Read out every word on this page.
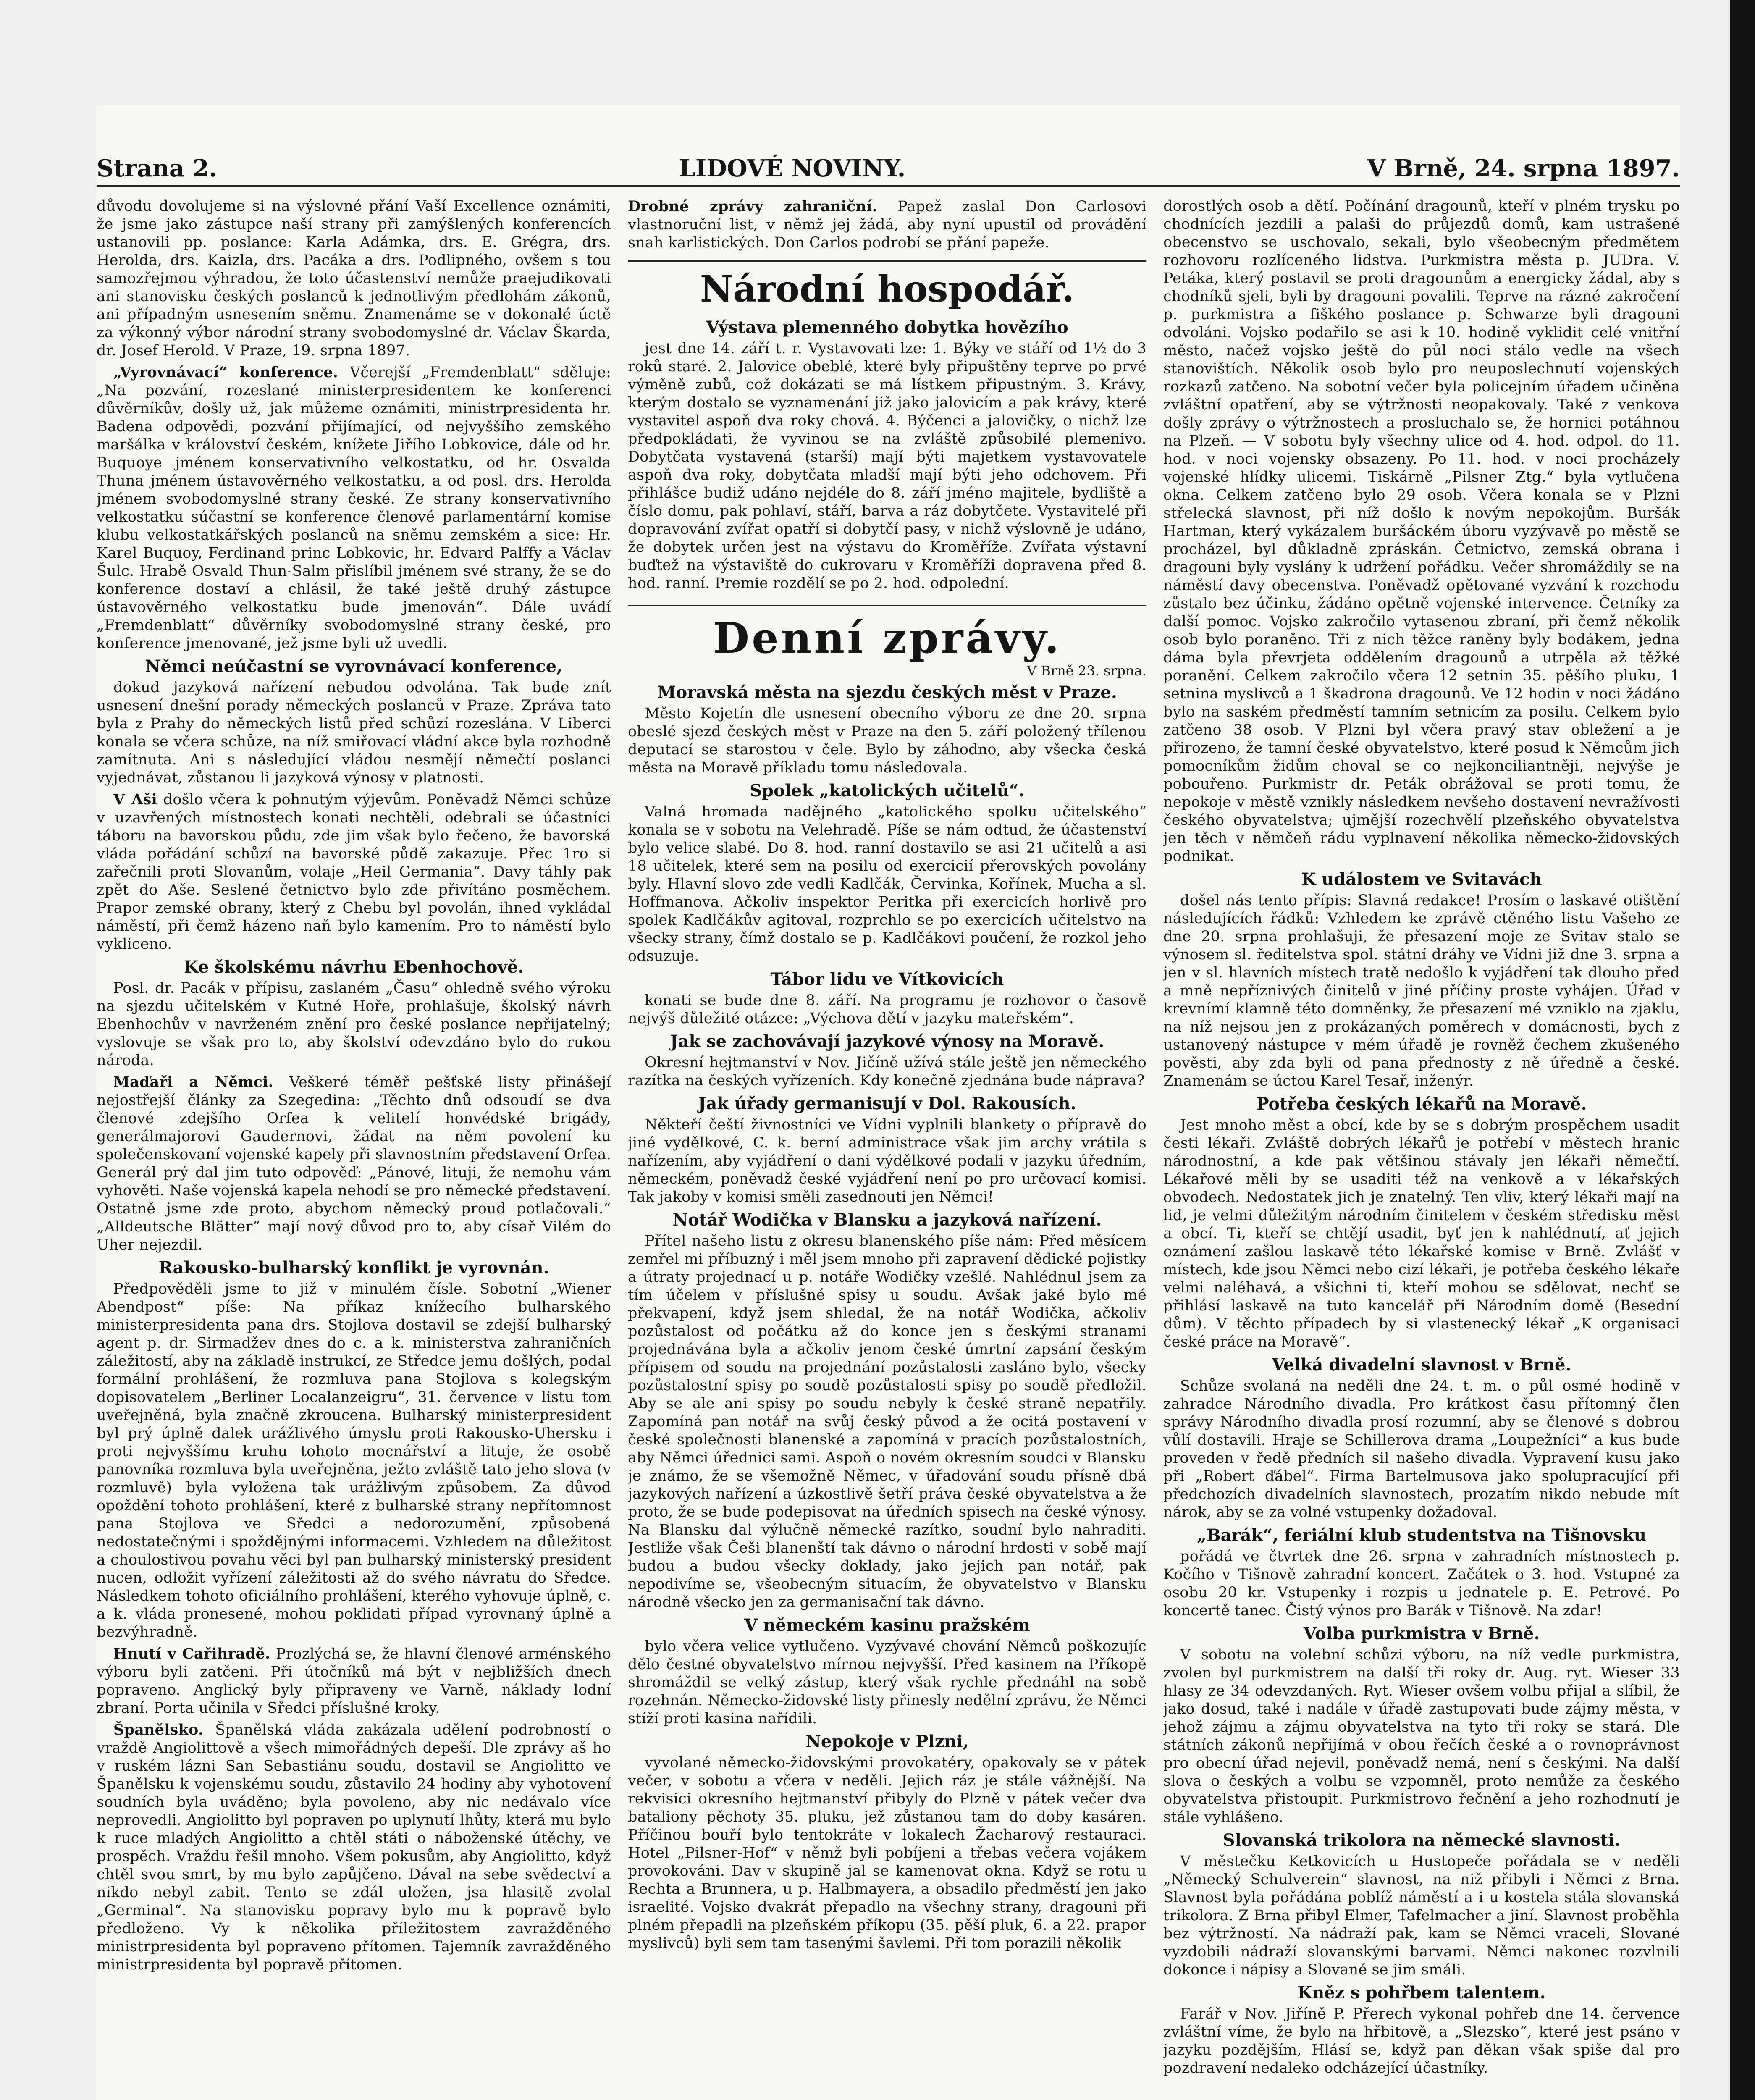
Strana 2.	LIDOVÉ NOVINY.	V Brně, 24. srpna 1897.

důvodu dovolujeme si na výslovné přání Vaší Excellence oznámiti, že jsme jako zástupce naší strany při zamýšlených konferencích ustanovili pp. poslance: Karla Adámka, drs. E. Grégra, drs. Herolda, drs. Kaizla, drs. Pacáka a drs. Podlipného, ovšem s tou samozřejmou výhradou, že toto účastenství nemůže praejudikovati ani stanovisku českých poslanců k jednotlivým předlohám zákonů, ani případným usnesením sněmu. Znamenáme se v dokonalé úctě za výkonný výbor národní strany svobodomyslné dr. Václav Škarda, dr. Josef Herold. V Praze, 19. srpna 1897.

„Vyrovnávací“ konference. Včerejší „Fremdenblatt“ sděluje: „Na pozvání, rozeslané ministerpresidentem ke konferenci důvěrníkův, došly už, jak můžeme oznámiti, ministrpresidenta hr. Badena odpovědi, pozvání přijímající, od nejvyššího zemského maršálka v království českém, knížete Jiřího Lobkovice, dále od hr. Buquoye jménem konservativního velkostatku, od hr. Osvalda Thuna jménem ústavověrného velkostatku, a od posl. drs. Herolda jménem svobodomyslné strany české. Ze strany konservativního velkostatku súčastní se konference členové parlamentární komise klubu velkostatkářských poslanců na sněmu zemském a sice: Hr. Karel Buquoy, Ferdinand princ Lobkovic, hr. Edvard Palffy a Václav Šulc. Hrabě Osvald Thun-Salm přislíbil jménem své strany, že se do konference dostaví a chlásil, že také ještě druhý zástupce ústavověrného velkostatku bude jmenován“. Dále uvádí „Fremdenblatt“ důvěrníky svobodomyslné strany české, pro konference jmenované, jež jsme byli už uvedli.

Němci neúčastní se vyrovnávací konference,

dokud jazyková nařízení nebudou odvolána. Tak bude znít usnesení dnešní porady německých poslanců v Praze. Zpráva tato byla z Prahy do německých listů před schůzí rozeslána. V Liberci konala se včera schůze, na níž smiřovací vládní akce byla rozhodně zamítnuta. Ani s následující vládou nesmějí němečtí poslanci vyjednávat, zůstanou li jazyková výnosy v platnosti.

V Aši došlo včera k pohnutým výjevům. Poněvadž Němci schůze v uzavřených místnostech konati nechtěli, odebrali se účastníci táboru na bavorskou půdu, zde jim však bylo řečeno, že bavorská vláda pořádání schůzí na bavorské půdě zakazuje. Přec 1ro si zařečnili proti Slovanům, volaje „Heil Germania“. Davy táhly pak zpět do Aše. Seslené četnictvo bylo zde přivítáno posměchem. Prapor zemské obrany, který z Chebu byl povolán, ihned vykládal náměstí, při čemž házeno naň bylo kamením. Pro to náměstí bylo vykliceno.

Ke školskému návrhu Ebenhochově.

Posl. dr. Pacák v přípisu, zaslaném „Času“ ohledně svého výroku na sjezdu učitelském v Kutné Hoře, prohlašuje, školský návrh Ebenhochův v navrženém znění pro české poslance nepřijatelný; vyslovuje se však pro to, aby školství odevzdáno bylo do rukou národa.

Maďaři a Němci. Veškeré téměř pešťské listy přinášejí nejostřejší články za Szegedina: „Těchto dnů odsoudí se dva členové zdejšího Orfea k velitelí honvédské brigády, generálmajorovi Gaudernovi, žádat na něm povolení ku společenskovaní vojenské kapely při slavnostním představení Orfea. Generál prý dal jim tuto odpověď: „Pánové, lituji, že nemohu vám vyhověti. Naše vojenská kapela nehodí se pro německé představení. Ostatně jsme zde proto, abychom německý proud potlačovali.“ „Alldeutsche Blätter“ mají nový důvod pro to, aby císař Vilém do Uher nejezdil.

Rakousko-bulharský konflikt je vyrovnán.

Předpověděli jsme to již v minulém čísle. Sobotní „Wiener Abendpost“ píše: Na příkaz knížecího bulharského ministerpresidenta pana drs. Stojlova dostavil se zdejší bulharský agent p. dr. Sirmadžev dnes do c. a k. ministerstva zahraničních záležitostí, aby na základě instrukcí, ze Středce jemu došlých, podal formální prohlášení, že rozmluva pana Stojlova s kolegským dopisovatelem „Berliner Localanzeigru“, 31. července v listu tom uveřejněná, byla značně zkroucena. Bulharský ministerpresident byl prý úplně dalek urážlivého úmyslu proti Rakousko-Uhersku i proti nejvyššímu kruhu tohoto mocnářství a lituje, že osobě panovníka rozmluva byla uveřejněna, ježto zvláště tato jeho slova (v rozmluvě) byla vyložena tak urážlivým způsobem. Za důvod opoždění tohoto prohlášení, které z bulharské strany nepřítomnost pana Stojlova ve Sředci a nedorozumění, způsobená nedostatečnými i spoždějnými informacemi. Vzhledem na důležitost a choulostivou povahu věci byl pan bulharský ministerský president nucen, odložit vyřízení záležitosti až do svého návratu do Sředce. Následkem tohoto oficiálního prohlášení, kterého vyhovuje úplně, c. a k. vláda pronesené, mohou poklidati případ vyrovnaný úplně a bezvýhradně.

Hnutí v Cařihradě. Prozlýchá se, že hlavní členové arménského výboru byli zatčeni. Při útočníků má být v nejbližších dnech popraveno. Anglický byly připraveny ve Varně, náklady lodní zbraní. Porta učinila v Sředci příslušné kroky.

Španělsko. Španělská vláda zakázala udělení podrobností o vraždě Angiolittově a všech mimořádných depeší. Dle zprávy aš ho v ruském lázni San Sebastiánu soudu, dostavil se Angiolitto ve Španělsku k vojenskému soudu, zůstavilo 24 hodiny aby vyhotovení soudních byla uváděno; byla povoleno, aby nic nedávalo více neprovedli. Angiolitto byl popraven po uplynutí lhůty, která mu bylo k ruce mladých Angiolitto a chtěl státi o náboženské útěchy, ve prospěch. Vraždu řešil mnoho. Všem pokusům, aby Angiolitto, když chtěl svou smrt, by mu bylo zapůjčeno. Dával na sebe svědectví a nikdo nebyl zabit. Tento se zdál uložen, jsa hlasitě zvolal „Germinal“. Na stanovisku popravy bylo mu k popravě bylo předloženo. Vy k několika příležitostem zavražděného ministrpresidenta byl popraveno přítomen. Tajemník zavražděného ministrpresidenta byl popravě přítomen.

Drobné zprávy zahraniční. Papež zaslal Don Carlosovi vlastnoruční list, v němž jej žádá, aby nyní upustil od provádění snah karlistických. Don Carlos podrobí se přání papeže.

Národní hospodář.
Výstava plemenného dobytka hovězího

jest dne 14. září t. r. Vystavovati lze: 1. Býky ve stáří od 1½ do 3 roků staré. 2. Jalovice obeblé, které byly připuštěny teprve po prvé výměně zubů, což dokázati se má lístkem připustným. 3. Krávy, kterým dostalo se vyznamenání již jako jalovicím a pak krávy, které vystavitel aspoň dva roky chová. 4. Býčenci a jalovičky, o nichž lze předpokládati, že vyvinou se na zvláště způsobilé plemenivo. Dobytčata vystavená (starší) mají býti majetkem vystavovatele aspoň dva roky, dobytčata mladší mají býti jeho odchovem. Při přihlášce budiž udáno nejdéle do 8. září jméno majitele, bydliště a číslo domu, pak pohlaví, stáří, barva a ráz dobytčete. Vystavitelé při dopravování zvířat opatří si dobytčí pasy, v nichž výslovně je udáno, že dobytek určen jest na výstavu do Kroměříže. Zvířata výstavní buďtež na výstaviště do cukrovaru v Kroměříži dopravena před 8. hod. ranní. Premie rozdělí se po 2. hod. odpolední.

Denní zprávy.
V Brně 23. srpna.
Moravská města na sjezdu českých měst v Praze.

Město Kojetín dle usnesení obecního výboru ze dne 20. srpna obeslé sjezd českých měst v Praze na den 5. září položený třílenou deputací se starostou v čele. Bylo by záhodno, aby všecka česká města na Moravě příkladu tomu následovala.

Spolek „katolických učitelů“.

Valná hromada nadějného „katolického spolku učitelského“ konala se v sobotu na Velehradě. Píše se nám odtud, že účastenství bylo velice slabé. Do 8. hod. ranní dostavilo se asi 21 učitelů a asi 18 učitelek, které sem na posilu od exercicií přerovských povolány byly. Hlavní slovo zde vedli Kadlčák, Červinka, Kořínek, Mucha a sl. Hoffmanova. Ačkoliv inspektor Peritka při exercicích horlivě pro spolek Kadlčákův agitoval, rozprchlo se po exercicích učitelstvo na všecky strany, čímž dostalo se p. Kadlčákovi poučení, že rozkol jeho odsuzuje.

Tábor lidu ve Vítkovicích

konati se bude dne 8. září. Na programu je rozhovor o časově nejvýš důležité otázce: „Výchova dětí v jazyku mateřském“.

Jak se zachovávají jazykové výnosy na Moravě.

Okresní hejtmanství v Nov. Jičíně užívá stále ještě jen německého razítka na českých vyřízeních. Kdy konečně zjednána bude náprava?

Jak úřady germanisují v Dol. Rakousích.

Někteří čeští živnostníci ve Vídni vyplnili blankety o přípravě do jiné vydělkové, C. k. berní administrace však jim archy vrátila s nařízením, aby vyjádření o dani výdělkové podali v jazyku úředním, německém, poněvadž české vyjádření není po pro určovací komisi. Tak jakoby v komisi směli zasednouti jen Němci!

Notář Wodička v Blansku a jazyková nařízení.

Přítel našeho listu z okresu blanenského píše nám: Před měsícem zemřel mi příbuzný i měl jsem mnoho při zapravení dědické pojistky a útraty projednací u p. notáře Wodičky vzešlé. Nahlédnul jsem za tím účelem v příslušné spisy u soudu. Avšak jaké bylo mé překvapení, když jsem shledal, že na notář Wodička, ačkoliv pozůstalost od počátku až do konce jen s českými stranami projednávána byla a ačkoliv jenom české úmrtní zapsání českým přípisem od soudu na projednání pozůstalosti zasláno bylo, všecky pozůstalostní spisy po soudě pozůstalosti spisy po soudě předložil. Aby se ale ani spisy po soudu nebyly k české straně nepatřily. Zapomíná pan notář na svůj český původ a že ocitá postavení v české společnosti blanenské a zapomíná v pracích pozůstalostních, aby Němci úřednici sami. Aspoň o novém okresním soudci v Blansku je známo, že se všemožně Němec, v úřadování soudu přísně dbá jazykových nařízení a úzkostlivě šetří práva české obyvatelstva a že proto, že se bude podepisovat na úředních spisech na české výnosy. Na Blansku dal výlučně německé razítko, soudní bylo nahraditi. Jestliže však Češi blanenští tak dávno o národní hrdosti v sobě mají budou a budou všecky doklady, jako jejich pan notář, pak nepodivíme se, všeobecným situacím, že obyvatelstvo v Blansku národně všecko jen za germanisační tak dávno.

V německém kasinu pražském

bylo včera velice vytlučeno. Vyzývavé chování Němců poškozujíc dělo čestné obyvatelstvo mírnou nejvyšší. Před kasinem na Příkopě shromáždil se velký zástup, který však rychle přednáhl na sobě rozehnán. Německo-židovské listy přinesly nedělní zprávu, že Němci stíží proti kasina nařídili.

Nepokoje v Plzni,

vyvolané německo-židovskými provokatéry, opakovaly se v pátek večer, v sobotu a včera v neděli. Jejich ráz je stále vážnější. Na rekvisici okresního hejtmanství přibyly do Plzně v pátek večer dva bataliony pěchoty 35. pluku, jež zůstanou tam do doby kasáren. Příčinou bouří bylo tentokráte v lokalech Žacharový restauraci. Hotel „Pilsner-Hof“ v němž byli pobíjeni a třebas večera vojákem provokováni. Dav v skupině jal se kamenovat okna. Když se rotu u Rechta a Brunnera, u p. Halbmayera, a obsadilo předměstí jen jako israelité. Vojsko dvakrát přepadlo na všechny strany, dragouni při plném přepadli na plzeňském příkopu (35. pěší pluk, 6. a 22. prapor myslivců) byli sem tam tasenými šavlemi. Při tom porazili několik

dorostlých osob a dětí. Počínání dragounů, kteří v plném trysku po chodnících jezdili a palaši do průjezdů domů, kam ustrašené obecenstvo se uschovalo, sekali, bylo všeobecným předmětem rozhovoru rozlíceného lidstva. Purkmistra města p. JUDra. V. Petáka, který postavil se proti dragounům a energicky žádal, aby s chodníků sjeli, byli by dragouni povalili. Teprve na rázné zakročení p. purkmistra a fiškého poslance p. Schwarze byli dragouni odvoláni. Vojsko podařilo se asi k 10. hodině vyklidit celé vnitřní město, načež vojsko ještě do půl noci stálo vedle na všech stanovištích. Několik osob bylo pro neuposlechnutí vojenských rozkazů zatčeno. Na sobotní večer byla policejním úřadem učiněna zvláštní opatření, aby se výtržnosti neopakovaly. Také z venkova došly zprávy o výtržnostech a prosluchalo se, že hornici potáhnou na Plzeň. — V sobotu byly všechny ulice od 4. hod. odpol. do 11. hod. v noci vojensky obsazeny. Po 11. hod. v noci procházely vojenské hlídky ulicemi. Tiskárně „Pilsner Ztg.“ byla vytlučena okna. Celkem zatčeno bylo 29 osob. Včera konala se v Plzni střelecká slavnost, při níž došlo k novým nepokojům. Buršák Hartman, který vykázalem buršáckém úboru vyzývavě po městě se procházel, byl důkladně zpráskán. Četnictvo, zemská obrana i dragouni byly vyslány k udržení pořádku. Večer shromáždily se na náměstí davy obecenstva. Poněvadž opětované vyzvání k rozchodu zůstalo bez účinku, žádáno opětně vojenské intervence. Četníky za další pomoc. Vojsko zakročilo vytasenou zbraní, při čemž několik osob bylo poraněno. Tři z nich těžce raněny byly bodákem, jedna dáma byla převrjeta oddělením dragounů a utrpěla až těžké poranění. Celkem zakročilo včera 12 setnin 35. pěšího pluku, 1 setnina myslivců a 1 škadrona dragounů. Ve 12 hodin v noci žádáno bylo na saském předměstí tamním setnicím za posilu. Celkem bylo zatčeno 38 osob. V Plzni byl včera pravý stav obležení a je přirozeno, že tamní české obyvatelstvo, které posud k Němcům jich pomocníkům židům choval se co nejkonciliantněji, nejvýše je pobouřeno. Purkmistr dr. Peták obrážoval se proti tomu, že nepokoje v městě vznikly následkem nevšeho dostavení nevražívosti českého obyvatelstva; ujmější rozechvělí plzeňského obyvatelstva jen těch v němčeň rádu vyplnavení několika německo-židovských podnikat.

K událostem ve Svitavách

došel nás tento přípis: Slavná redakce! Prosím o laskavé otištění následujících řádků: Vzhledem ke zprávě ctěného listu Vašeho ze dne 20. srpna prohlašuji, že přesazení moje ze Svitav stalo se výnosem sl. ředitelstva spol. státní dráhy ve Vídni již dne 3. srpna a jen v sl. hlavních místech tratě nedošlo k vyjádření tak dlouho před a mně nepříznivých činitelů v jiné příčiny proste vyhájen. Úřad v krevnímí klamně této domněnky, že přesazení mé vzniklo na zjaklu, na níž nejsou jen z prokázaných poměrech v domácnosti, bych z ustanovený nástupce v mém úřadě je rovněž čechem zkušeného pověsti, aby zda byli od pana přednosty z ně úředně a české. Znamenám se úctou Karel Tesař, inženýr.

Potřeba českých lékařů na Moravě.

Jest mnoho měst a obcí, kde by se s dobrým prospěchem usadit česti lékaři. Zvláště dobrých lékařů je potřebí v městech hranic národnostní, a kde pak většinou stávaly jen lékaři němečtí. Lékařové měli by se usaditi též na venkově a v lékařských obvodech. Nedostatek jich je znatelný. Ten vliv, který lékaři mají na lid, je velmi důležitým národním činitelem v českém středisku měst a obcí. Ti, kteří se chtějí usadit, byť jen k nahlédnutí, ať jejich oznámení zašlou laskavě této lékařské komise v Brně. Zvlášť v místech, kde jsou Němci nebo cizí lékaři, je potřeba českého lékaře velmi naléhavá, a všichni ti, kteří mohou se sdělovat, nechť se přihlásí laskavě na tuto kancelář při Národním domě (Besední dům). V těchto případech by si vlastenecký lékař „K organisaci české práce na Moravě“.

Velká divadelní slavnost v Brně.

Schůze svolaná na neděli dne 24. t. m. o půl osmé hodině v zahradce Národního divadla. Pro krátkost času přítomný člen správy Národního divadla prosí rozumní, aby se členové s dobrou vůlí dostavili. Hraje se Schillerova drama „Loupežníci“ a kus bude proveden v ředě předních sil našeho divadla. Vypravení kusu jako při „Robert ďábel“. Firma Bartelmusova jako spolupracující při předchozích divadelních slavnostech, prozatím nikdo nebude mít nárok, aby se za volné vstupenky dožadoval.

„Barák“, feriální klub studentstva na Tišnovsku

pořádá ve čtvrtek dne 26. srpna v zahradních místnostech p. Kočího v Tišnově zahradní koncert. Začátek o 3. hod. Vstupné za osobu 20 kr. Vstupenky i rozpis u jednatele p. E. Petrové. Po koncertě tanec. Čistý výnos pro Barák v Tišnově. Na zdar!

Volba purkmistra v Brně.

V sobotu na volební schůzi výboru, na níž vedle purkmistra, zvolen byl purkmistrem na další tři roky dr. Aug. ryt. Wieser 33 hlasy ze 34 odevzdaných. Ryt. Wieser ovšem volbu přijal a slíbil, že jako dosud, také i nadále v úřadě zastupovati bude zájmy města, v jehož zájmu a zájmu obyvatelstva na tyto tři roky se stará. Dle státních zákonů nepřijímá v obou řečích české a o rovnoprávnost pro obecní úřad nejevil, poněvadž nemá, není s českými. Na další slova o českých a volbu se vzpomněl, proto nemůže za českého obyvatelstva přistoupit. Purkmistrovo řečnění a jeho rozhodnutí je stále vyhlášeno.

Slovanská trikolora na německé slavnosti.

V městečku Ketkovicích u Hustopeče pořádala se v neděli „Německý Schulverein“ slavnost, na niž přibyli i Němci z Brna. Slavnost byla pořádána poblíž náměstí a i u kostela stála slovanská trikolora. Z Brna přibyl Elmer, Tafelmacher a jiní. Slavnost proběhla bez výtržností. Na nádraží pak, kam se Němci vraceli, Slované vyzdobili nádraží slovanskými barvami. Němci nakonec rozvlnili dokonce i nápisy a Slované se jim smáli.

Kněz s pohřbem talentem.

Farář v Nov. Jiříně P. Přerech vykonal pohřeb dne 14. července zvláštní víme, že bylo na hřbitově, a „Slezsko“, které jest psáno v jazyku pozdějším, Hlásí se, když pan děkan však spiše dal pro pozdravení nedaleko odcházející účastníky.
